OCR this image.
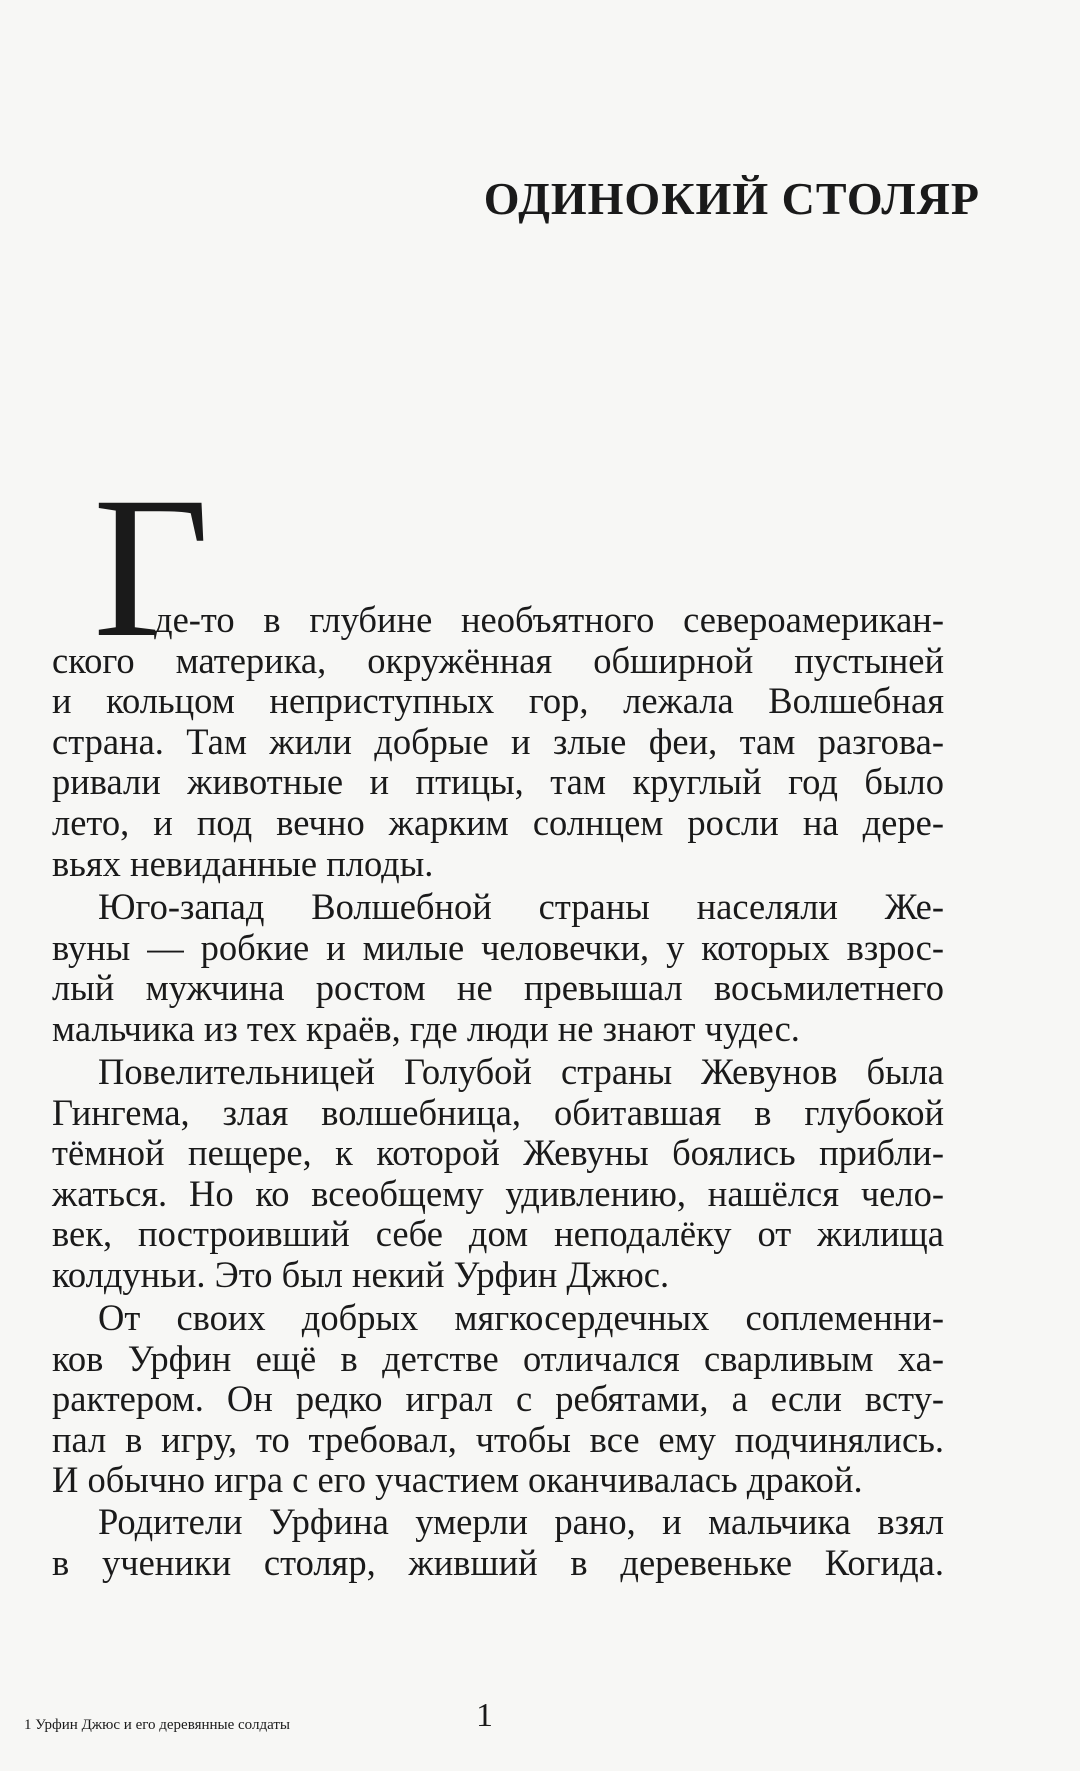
ОДИНОКИЙ СТОЛЯР
Г

де-то в глубине необъятного североамерикан-
ского материка, окружённая обширной пустыней
и кольцом неприступных гор, лежала Волшебная
страна. Там жили добрые и злые феи, там разгова-
ривали животные и птицы, там круглый год было
лето, и под вечно жарким солнцем росли на дере-
вьях невиданные плоды.

Юго-запад Волшебной страны населяли Же-
вуны — робкие и милые человечки, у которых взрос-
лый мужчина ростом не превышал восьмилетнего
мальчика из тех краёв, где люди не знают чудес.

Повелительницей Голубой страны Жевунов была
Гингема, злая волшебница, обитавшая в глубокой
тёмной пещере, к которой Жевуны боялись прибли-
жаться. Но ко всеобщему удивлению, нашёлся чело-
век, построивший себе дом неподалёку от жилища
колдуньи. Это был некий Урфин Джюс.

От своих добрых мягкосердечных соплеменни-
ков Урфин ещё в детстве отличался сварливым ха-
рактером. Он редко играл с ребятами, а если всту-
пал в игру, то требовал, чтобы все ему подчинялись.
И обычно игра с его участием оканчивалась дракой.

Родители Урфина умерли рано, и мальчика взял
в ученики столяр, живший в деревеньке Когида.

1 Урфин Джюс и его деревянные солдаты	1
